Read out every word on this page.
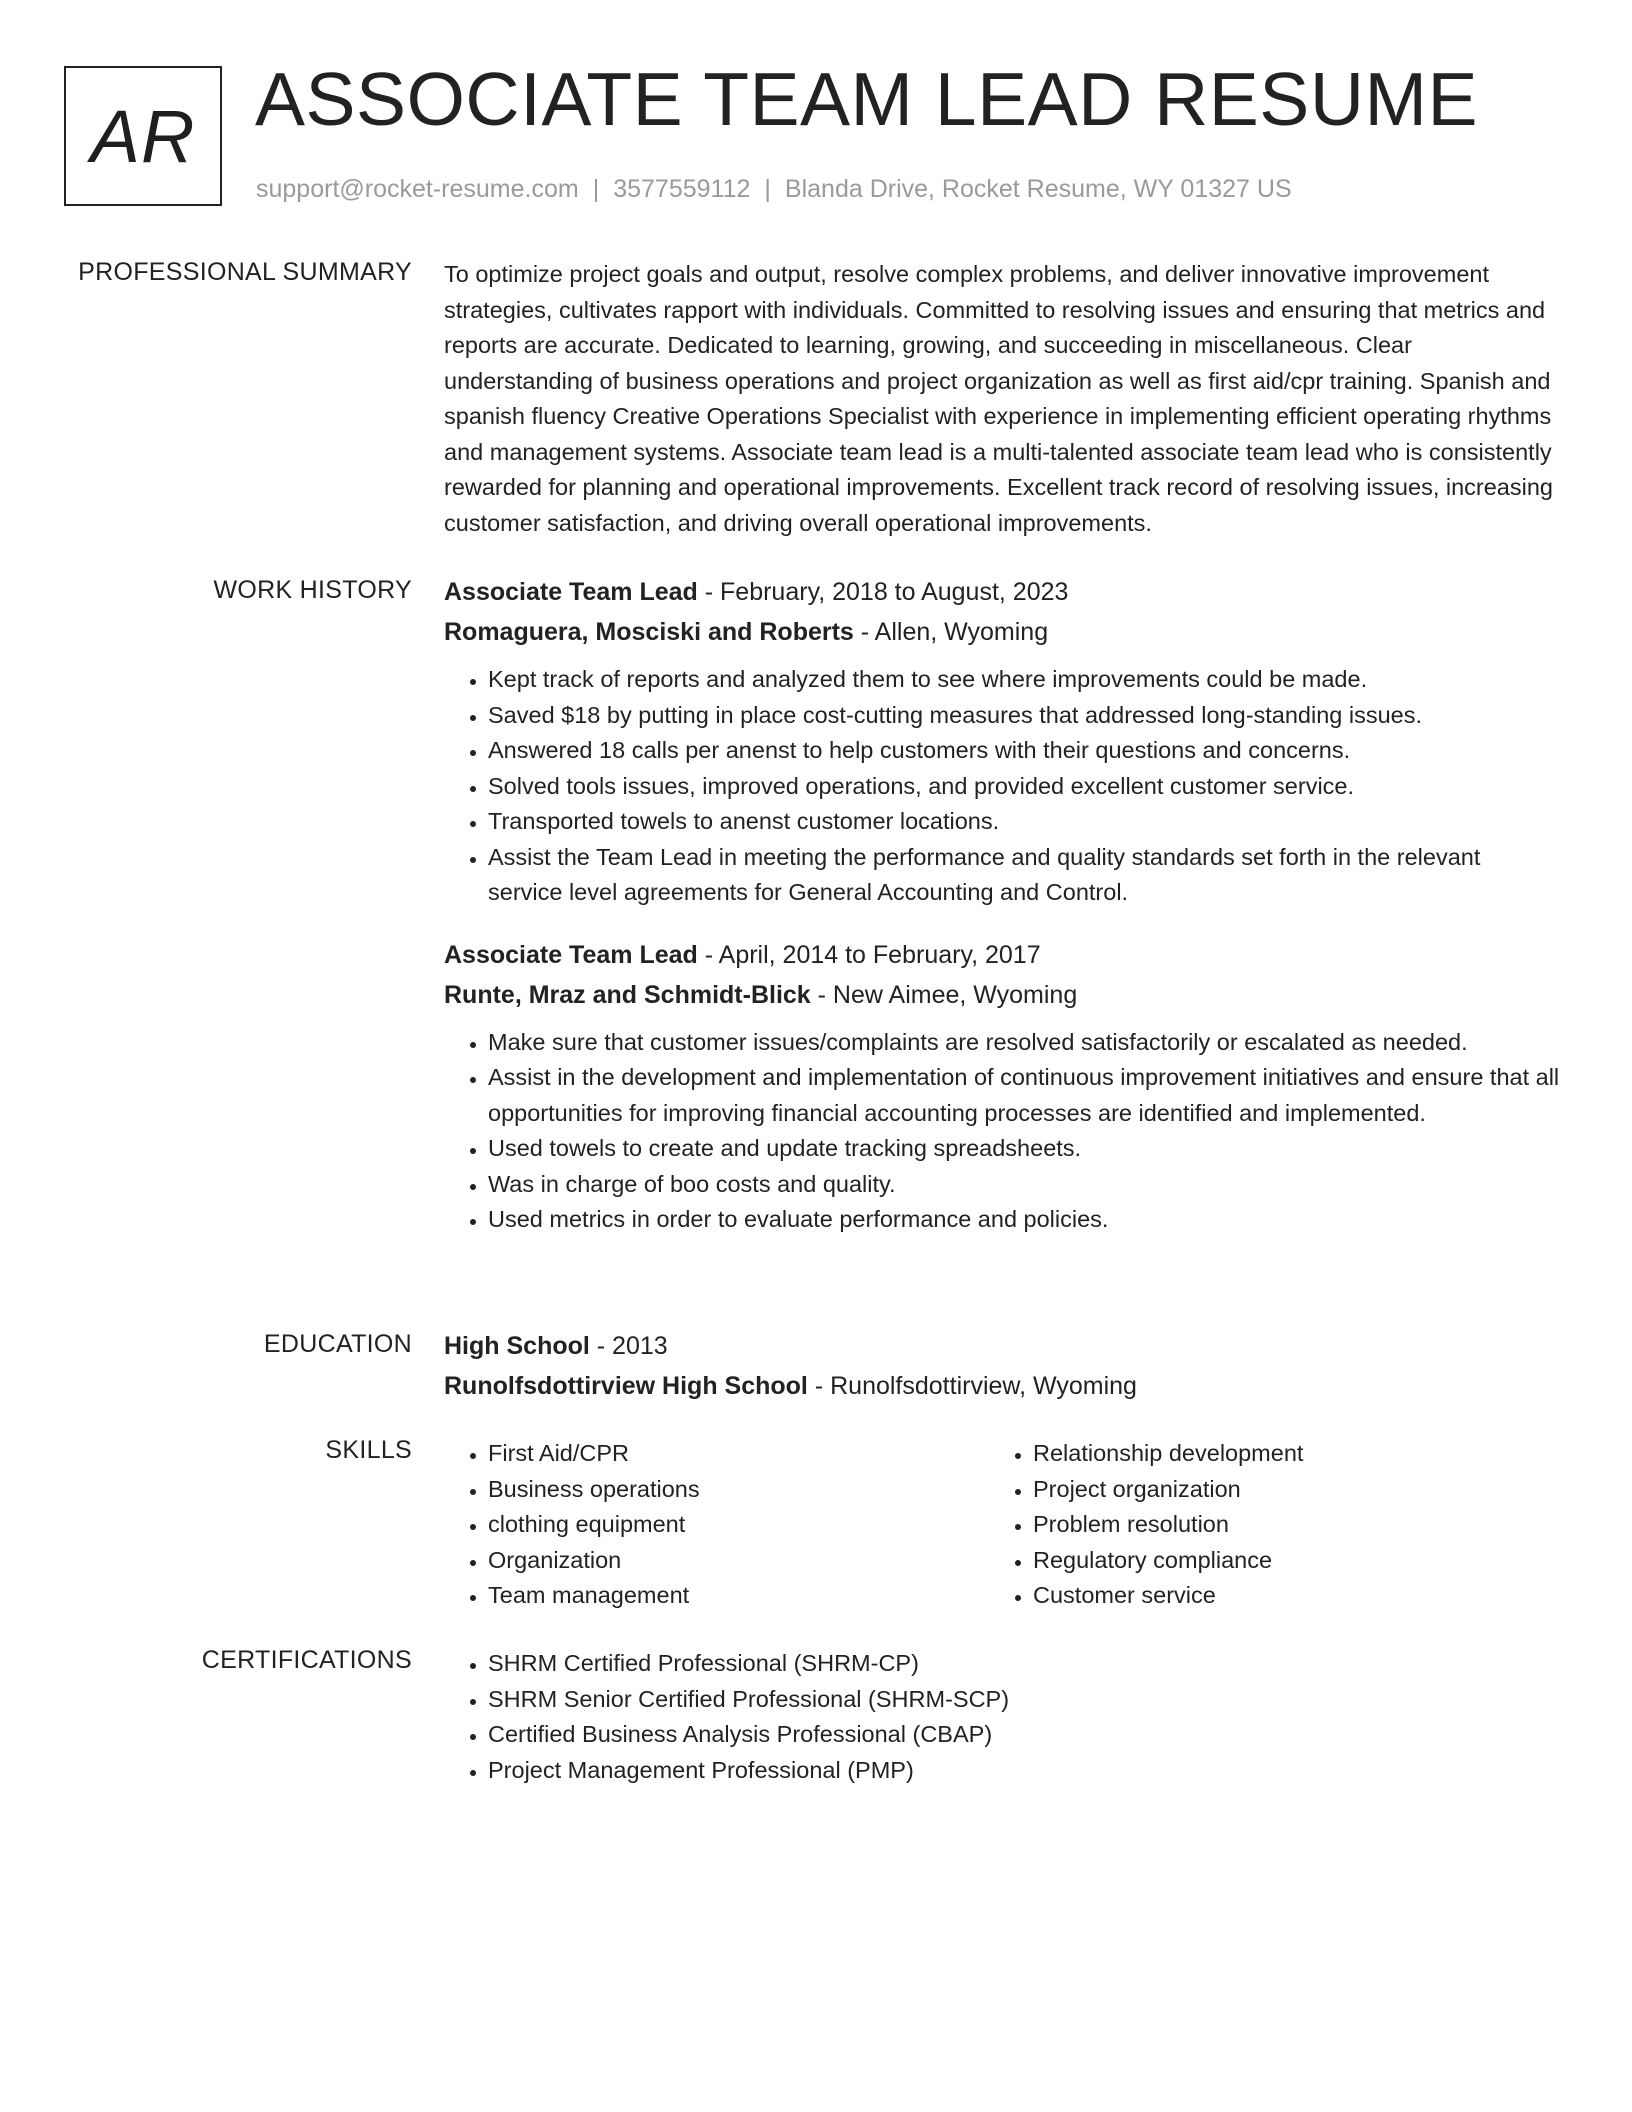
AR ASSOCIATE TEAM LEAD RESUME
support@rocket-resume.com | 3577559112 | Blanda Drive, Rocket Resume, WY 01327 US
PROFESSIONAL SUMMARY To optimize project goals and output, resolve complex problems, and deliver innovative improvement strategies, cultivates rapport with individuals. Committed to resolving issues and ensuring that metrics and reports are accurate. Dedicated to learning, growing, and succeeding in miscellaneous. Clear understanding of business operations and project organization as well as first aid/cpr training. Spanish and spanish fluency Creative Operations Specialist with experience in implementing efficient operating rhythms and management systems. Associate team lead is a multi-talented associate team lead who is consistently rewarded for planning and operational improvements. Excellent track record of resolving issues, increasing customer satisfaction, and driving overall operational improvements.

WORK HISTORY Associate Team Lead - February, 2018 to August, 2023
Romaguera, Mosciski and Roberts - Allen, Wyoming
• Kept track of reports and analyzed them to see where improvements could be made.
• Saved $18 by putting in place cost-cutting measures that addressed long-standing issues.
• Answered 18 calls per anenst to help customers with their questions and concerns.
• Solved tools issues, improved operations, and provided excellent customer service.
• Transported towels to anenst customer locations.
• Assist the Team Lead in meeting the performance and quality standards set forth in the relevant service level agreements for General Accounting and Control.
Associate Team Lead - April, 2014 to February, 2017
Runte, Mraz and Schmidt-Blick - New Aimee, Wyoming
• Make sure that customer issues/complaints are resolved satisfactorily or escalated as needed.
• Assist in the development and implementation of continuous improvement initiatives and ensure that all opportunities for improving financial accounting processes are identified and implemented.
• Used towels to create and update tracking spreadsheets.
• Was in charge of boo costs and quality.
• Used metrics in order to evaluate performance and policies.
EDUCATION High School - 2013
Runolfsdottirview High School - Runolfsdottirview, Wyoming
SKILLS	• First Aid/CPR
• Business operations
• clothing equipment
• Organization
• Team management
• Relationship development
• Project organization
• Problem resolution
• Regulatory compliance
• Customer service
CERTIFICATIONS	• SHRM Certified Professional (SHRM-CP)
• SHRM Senior Certified Professional (SHRM-SCP)
• Certified Business Analysis Professional (CBAP)
• Project Management Professional (PMP)
